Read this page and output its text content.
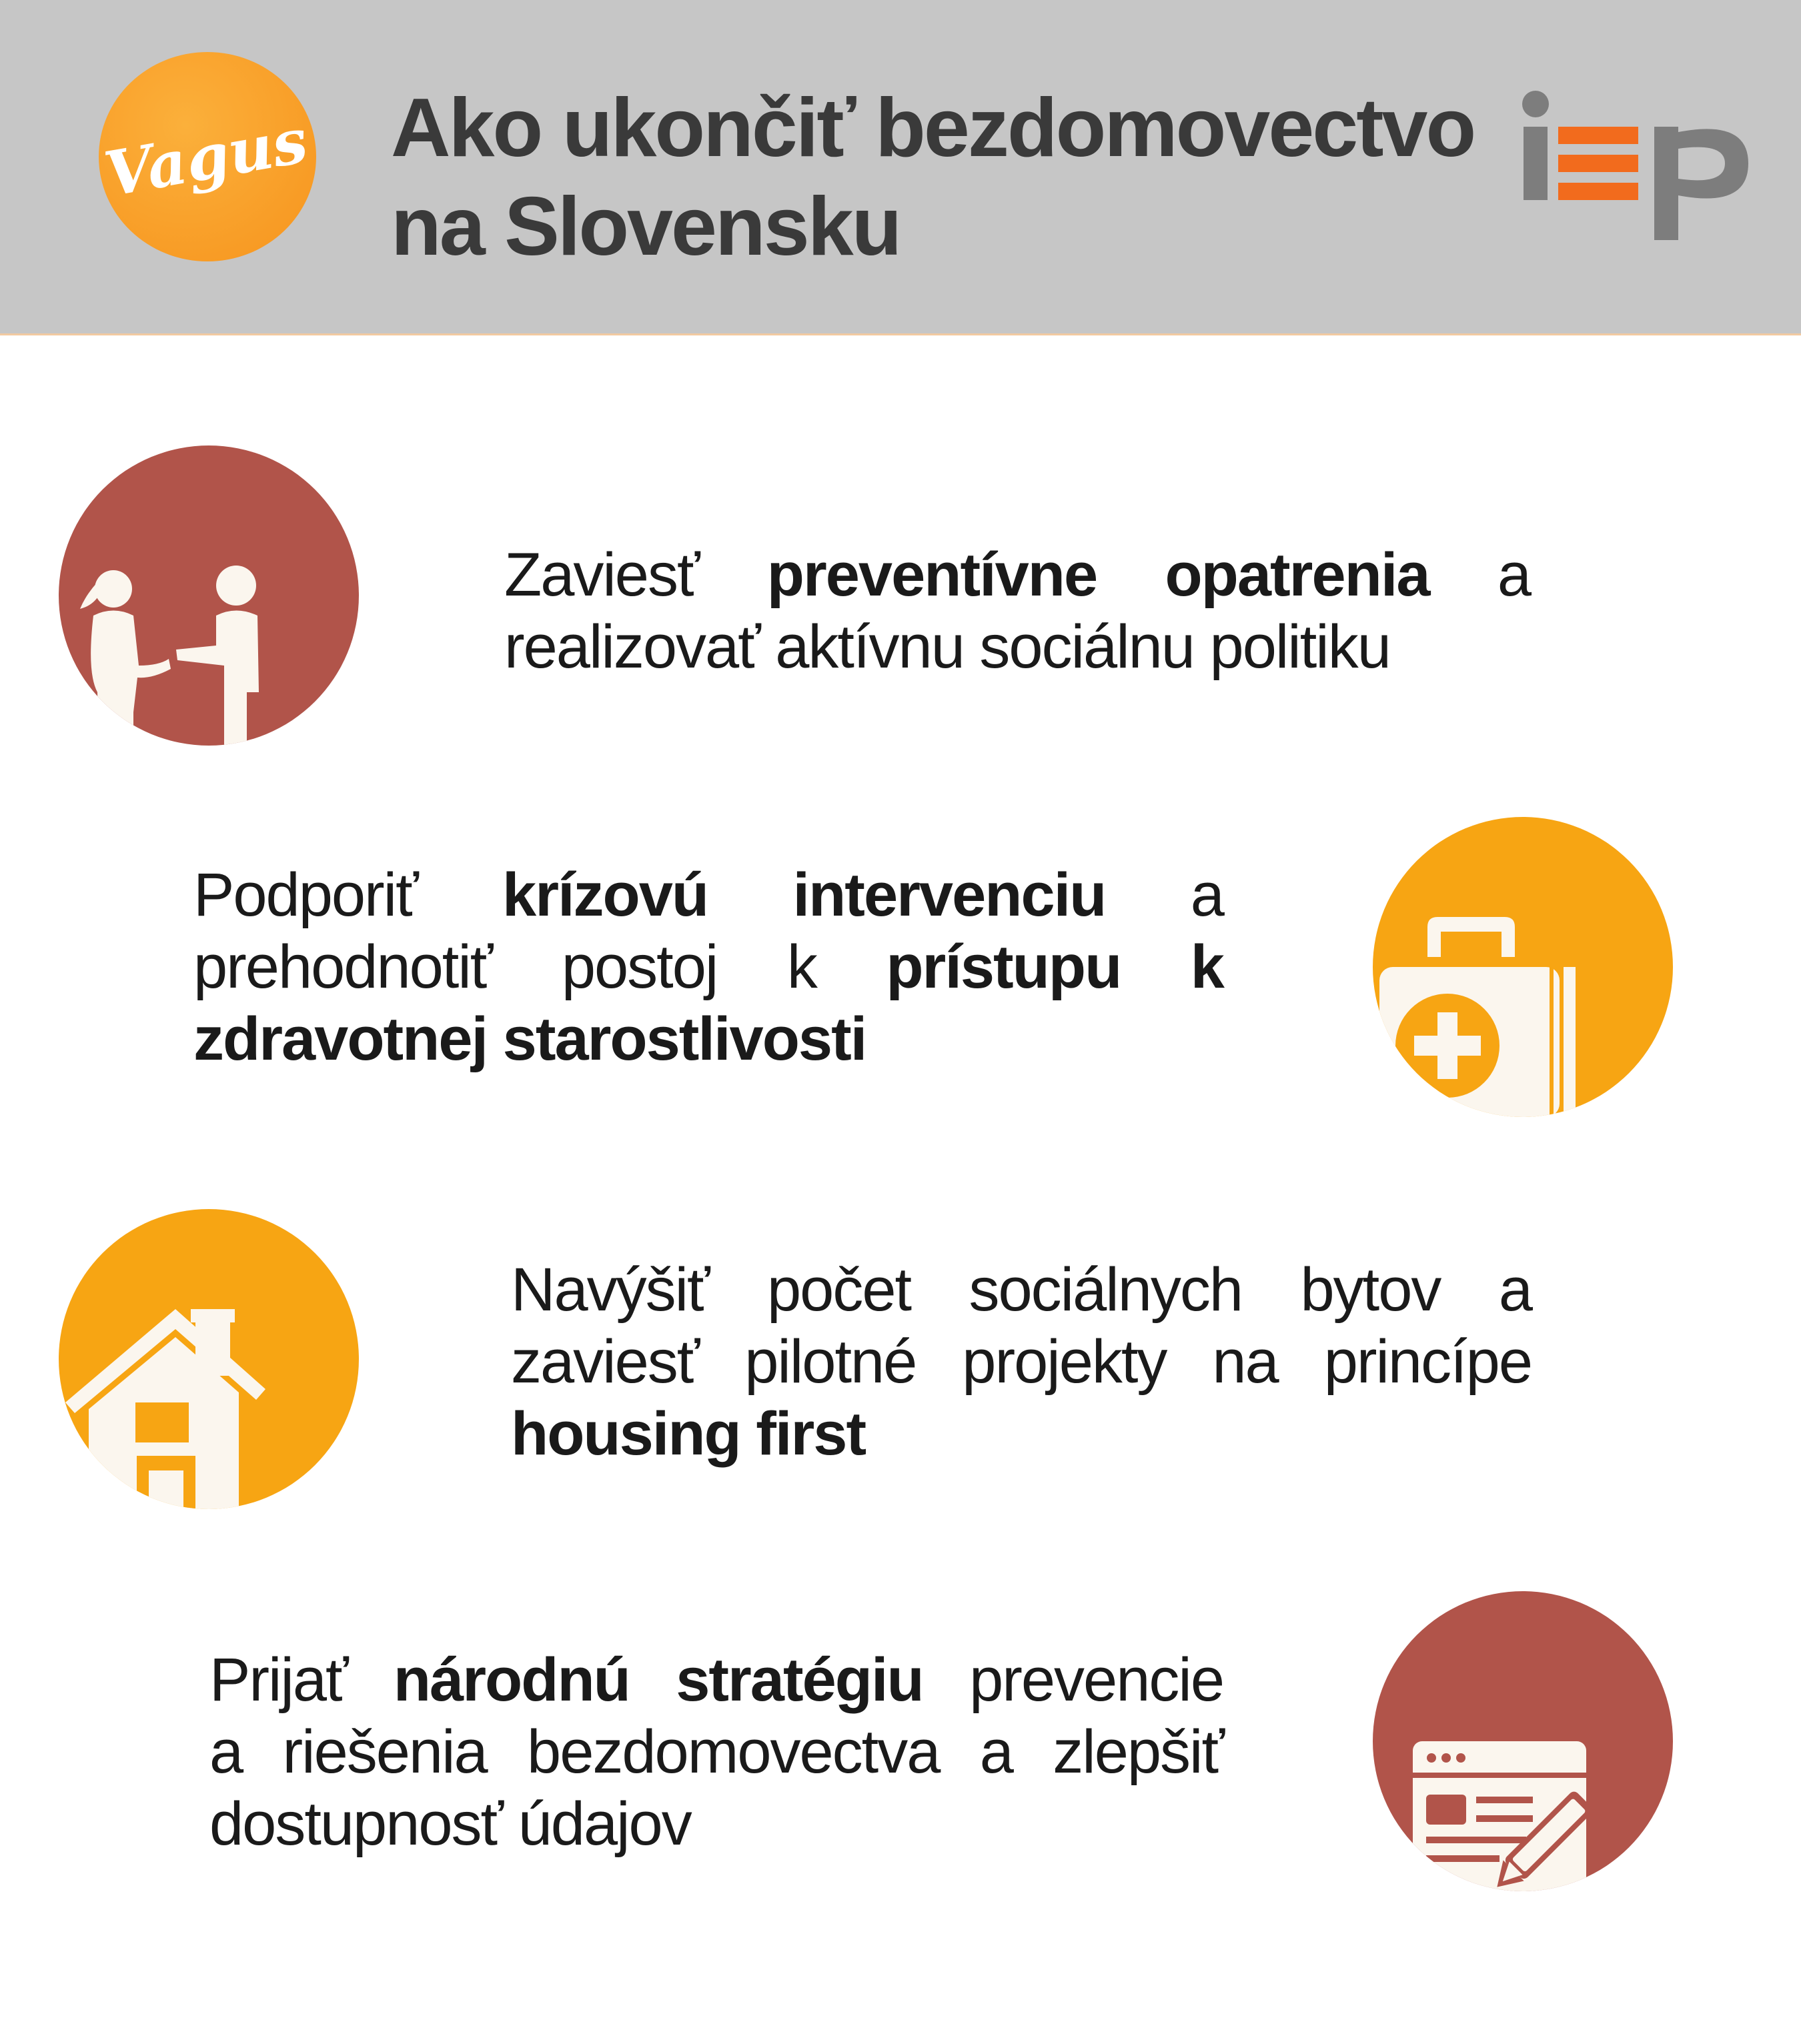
Vagus Ako ukončiť bezdomovectvo
na Slovensku
iep
Zaviesť preventívne opatrenia a
realizovať aktívnu sociálnu politiku
Podporiť krízovú intervenciu a
prehodnotiť postoj k prístupu k
zdravotnej starostlivosti
Navýšiť počet sociálnych bytov a
zaviesť pilotné projekty na princípe
housing first
Prijať národnú stratégiu prevencie
a riešenia bezdomovectva a zlepšiť
dostupnosť údajov
